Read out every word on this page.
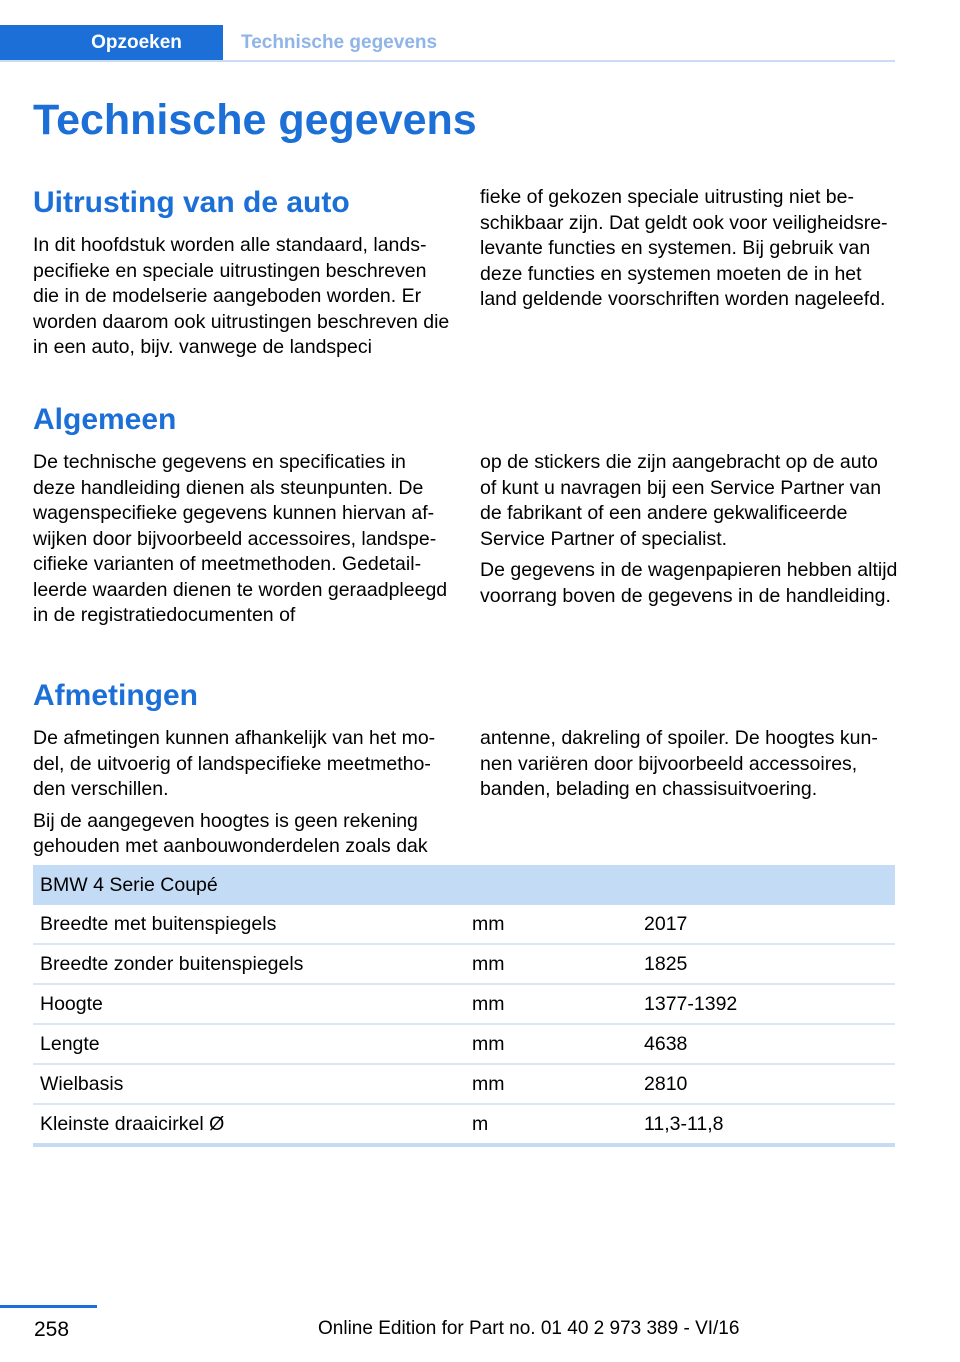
Opzoeken	Technische gegevens
Technische gegevens
Uitrusting van de auto

In dit hoofdstuk worden alle standaard, landspecifieke en speciale uitrustingen beschreven die in de modelserie aangeboden worden. Er worden daarom ook uitrustingen beschreven die in een auto, bijv. vanwege de landspeci

fieke of gekozen speciale uitrusting niet beschikbaar zijn. Dat geldt ook voor veiligheidsrelevante functies en systemen. Bij gebruik van deze functies en systemen moeten de in het land geldende voorschriften worden nageleefd.

Algemeen

De technische gegevens en specificaties in deze handleiding dienen als steunpunten. De wagenspecifieke gegevens kunnen hiervan afwijken door bijvoorbeeld accessoires, landspecifieke varianten of meetmethoden. Gedetailleerde waarden dienen te worden geraadpleegd in de registratiedocumenten of

op de stickers die zijn aangebracht op de auto of kunt u navragen bij een Service Partner van de fabrikant of een andere gekwalificeerde Service Partner of specialist.

De gegevens in de wagenpapieren hebben altijd voorrang boven de gegevens in de handleiding.

Afmetingen

De afmetingen kunnen afhankelijk van het model, de uitvoerig of landspecifieke meetmethoden verschillen.

Bij de aangegeven hoogtes is geen rekening gehouden met aanbouwonderdelen zoals dak

antenne, dakreling of spoiler. De hoogtes kunnen variëren door bijvoorbeeld accessoires, banden, belading en chassisuitvoering.

BMW 4 Serie Coupé		
Breedte met buitenspiegels	mm	2017
Breedte zonder buitenspiegels	mm	1825
Hoogte	mm	1377-1392
Lengte	mm	4638
Wielbasis	mm	2810
Kleinste draaicirkel Ø	m	11,3-11,8
258	Online Edition for Part no. 01 40 2 973 389 - VI/16
